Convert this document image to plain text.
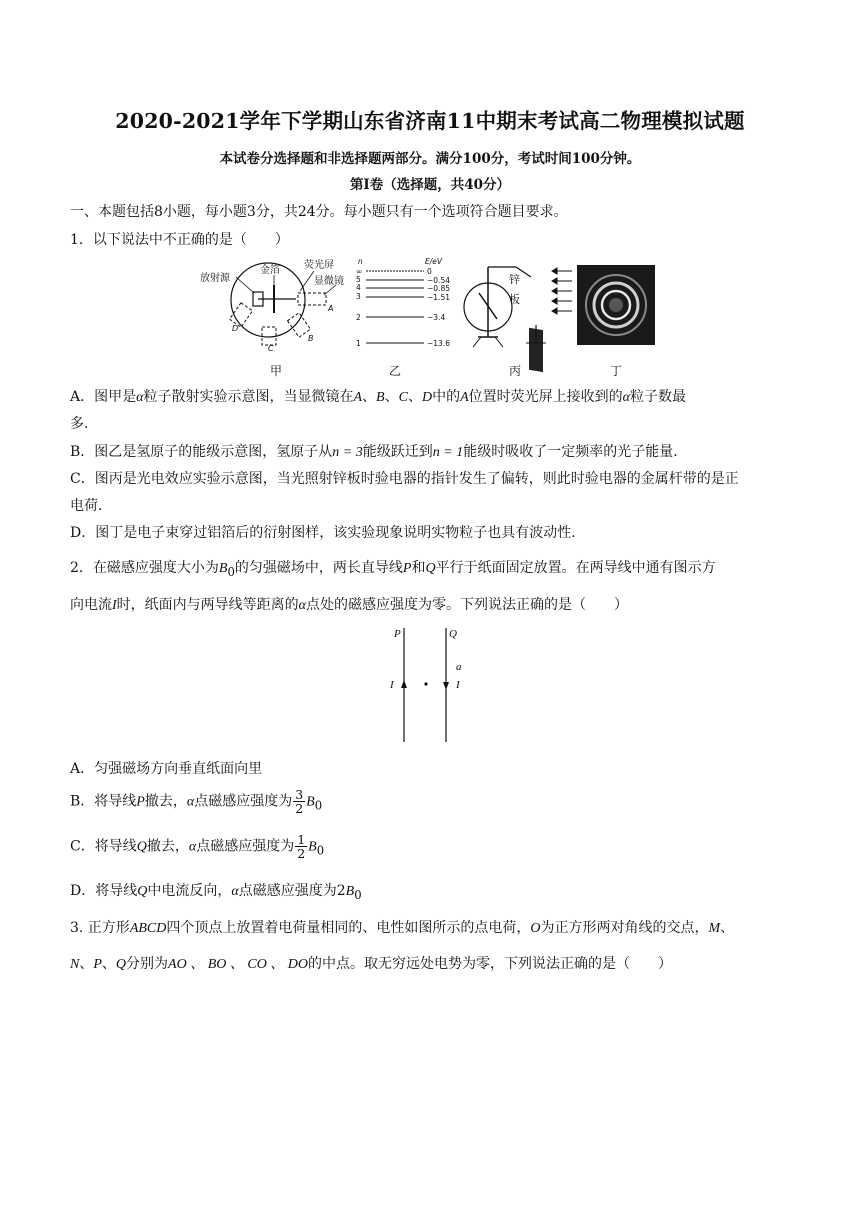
2020-2021学年下学期山东省济南11中期末考试高二物理模拟试题
本试卷分选择题和非选择题两部分。满分100分，考试时间100分钟。
第Ⅰ卷（选择题，共40分）
一、本题包括8小题，每小题3分，共24分。每小题只有一个选项符合题目要求。
1．以下说法中不正确的是（　　）
放射源
金箔 荧光屏
显微镜
A
B
C
D
甲
n	E/eV
∞	0
5	−0.54
4	−0.85
3	−1.51
2	−3.4
1	−13.6
乙
锌
板
丙	丁
A．图甲是α粒子散射实验示意图，当显微镜在A、B、C、D中的A位置时荧光屏上接收到的α粒子数最
多.
B．图乙是氢原子的能级示意图，氢原子从n = 3能级跃迁到n = 1能级时吸收了一定频率的光子能量.
C．图丙是光电效应实验示意图，当光照射锌板时验电器的指针发生了偏转，则此时验电器的金属杆带的是正
电荷.
D．图丁是电子束穿过铝箔后的衍射图样，该实验现象说明实物粒子也具有波动性.
2．在磁感应强度大小为$B_0$的匀强磁场中，两长直导线P和Q平行于纸面固定放置。在两导线中通有图示方
向电流I时，纸面内与两导线等距离的α点处的磁感应强度为零。下列说法正确的是（　　）
P	Q
a
I	I
A．匀强磁场方向垂直纸面向里
B．将导线P撤去，α点磁感应强度为 $\frac{3}{2} B_0$
C．将导线Q撤去，α点磁感应强度为 $\frac{1}{2} B_0$
D．将导线Q中电流反向，α点磁感应强度为$2B_0$
3. 正方形ABCD四个顶点上放置着电荷量相同的、电性如图所示的点电荷，O为正方形两对角线的交点，M、
N、P、Q分别为AO 、 BO 、 CO 、 DO的中点。取无穷远处电势为零，下列说法正确的是（　　）
